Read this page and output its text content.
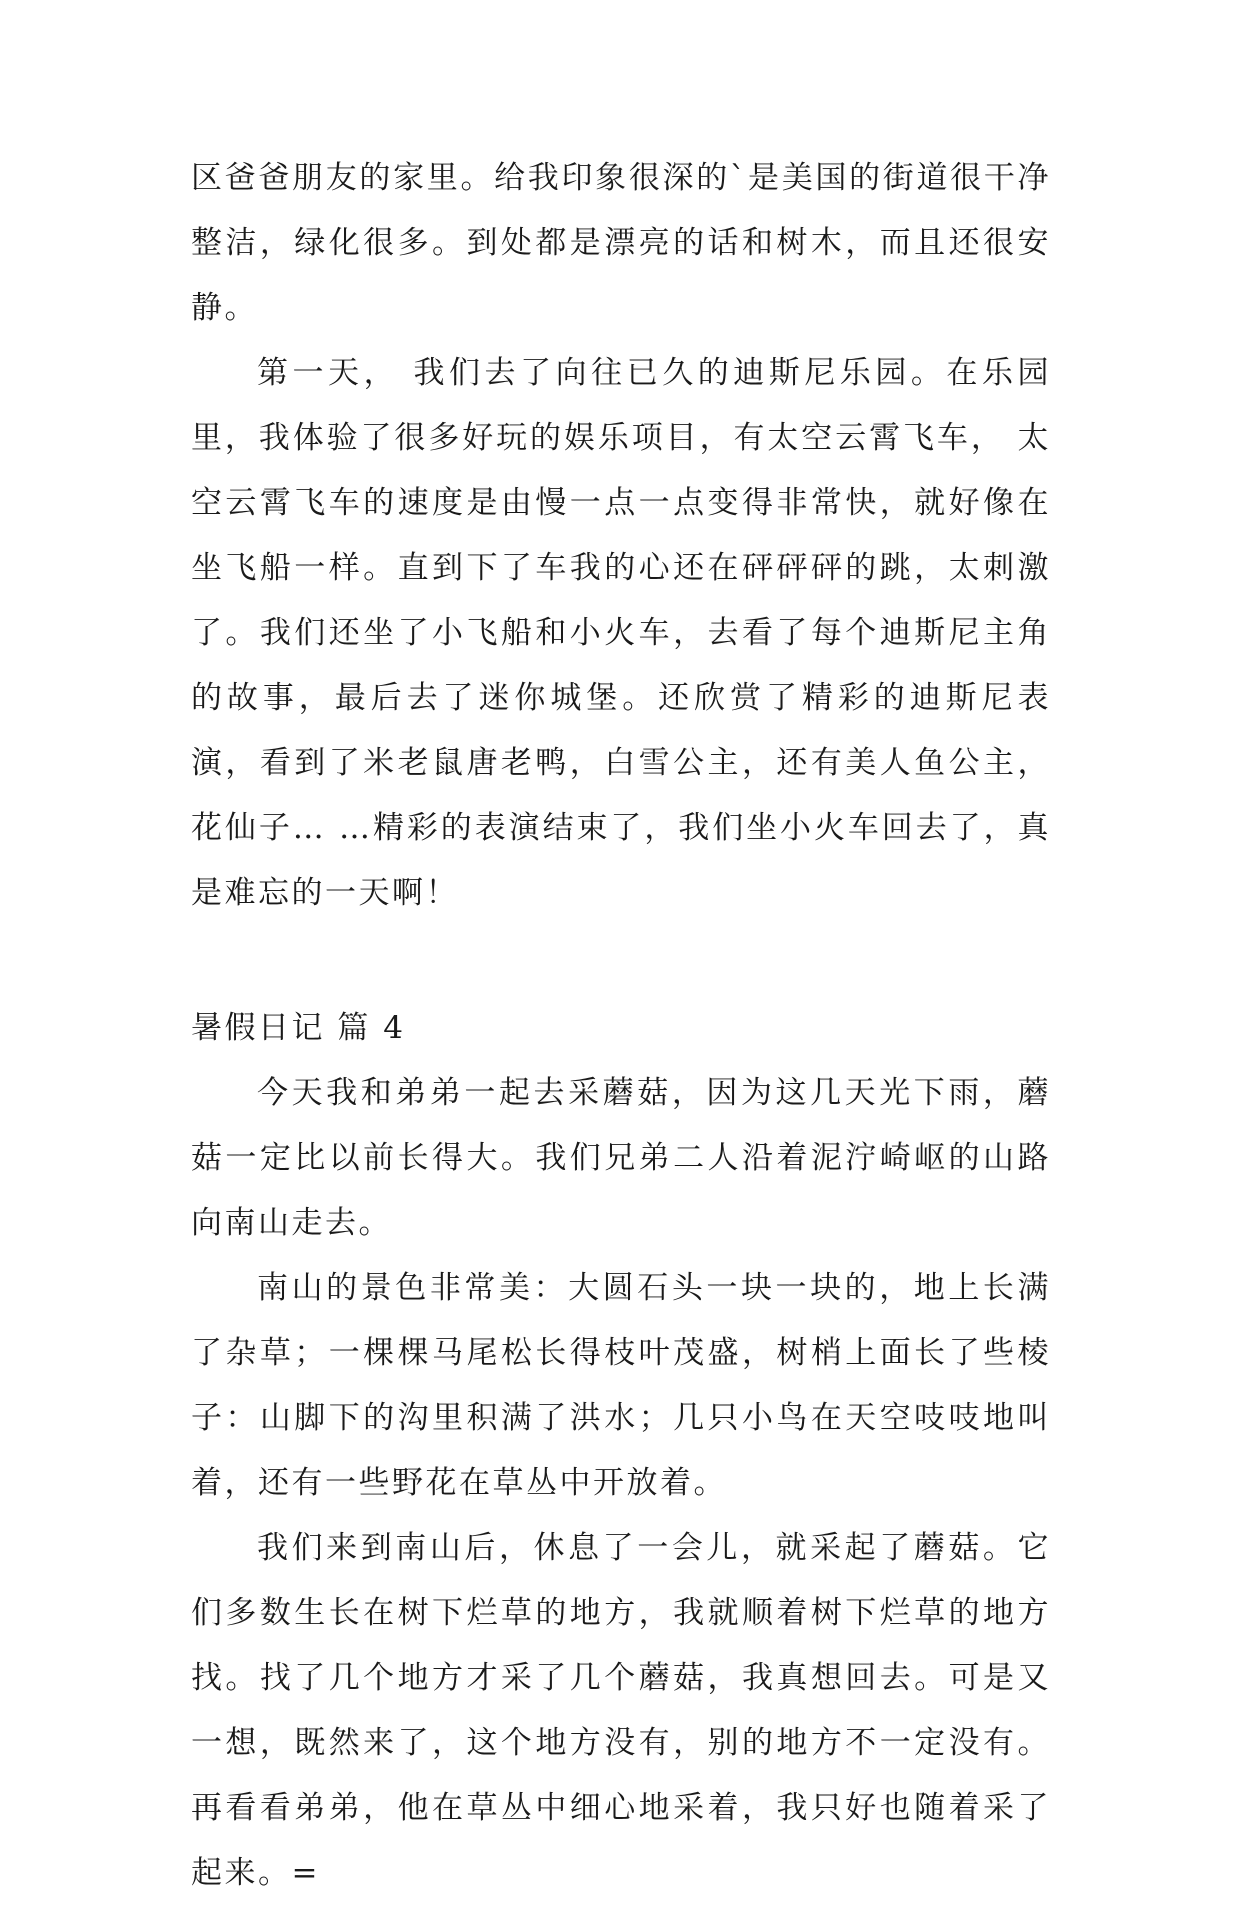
区爸爸朋友的家里。给我印象很深的`是美国的街道很干净整洁，绿化很多。到处都是漂亮的话和树木，而且还很安静。

第一天， 我们去了向往已久的迪斯尼乐园。在乐园里，我体验了很多好玩的娱乐项目，有太空云霄飞车， 太空云霄飞车的速度是由慢一点一点变得非常快，就好像在坐飞船一样。直到下了车我的心还在砰砰砰的跳，太刺激了。我们还坐了小飞船和小火车，去看了每个迪斯尼主角的故事，最后去了迷你城堡。还欣赏了精彩的迪斯尼表演，看到了米老鼠唐老鸭，白雪公主，还有美人鱼公主，花仙子… …精彩的表演结束了，我们坐小火车回去了，真是难忘的一天啊！

暑假日记 篇 4

今天我和弟弟一起去采蘑菇，因为这几天光下雨，蘑菇一定比以前长得大。我们兄弟二人沿着泥泞崎岖的山路向南山走去。

南山的景色非常美：大圆石头一块一块的，地上长满了杂草；一棵棵马尾松长得枝叶茂盛，树梢上面长了些棱子：山脚下的沟里积满了洪水；几只小鸟在天空吱吱地叫着，还有一些野花在草丛中开放着。

我们来到南山后，休息了一会儿，就采起了蘑菇。它们多数生长在树下烂草的地方，我就顺着树下烂草的地方找。找了几个地方才采了几个蘑菇，我真想回去。可是又一想，既然来了，这个地方没有，别的地方不一定没有。再看看弟弟，他在草丛中细心地采着，我只好也随着采了起来。=
